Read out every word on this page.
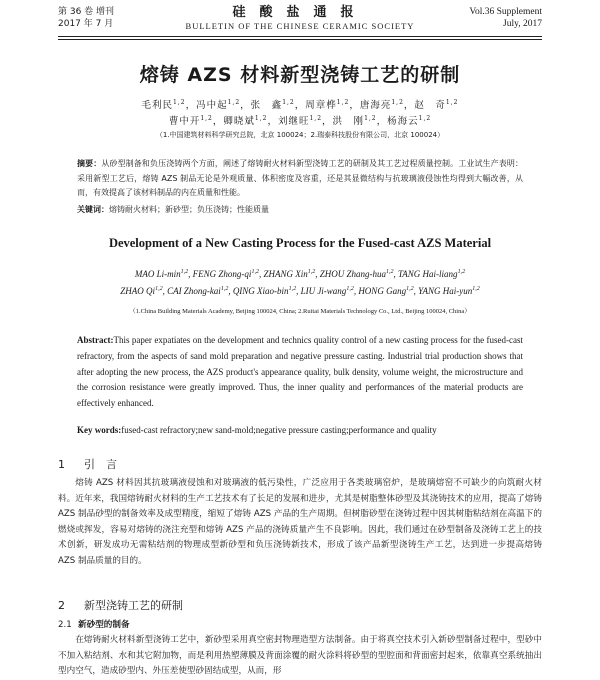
第 36 卷 增刊
2017 年 7 月
硅酸盐通报
BULLETIN OF THE CHINESE CERAMIC SOCIETY
Vol.36 Supplement
July, 2017
熔铸 AZS 材料新型浇铸工艺的研制
毛利民$^{1,2}$，冯中起$^{1,2}$，张　鑫$^{1,2}$，周章桦$^{1,2}$，唐海亮$^{1,2}$，赵　奇$^{1,2}$
曹中开$^{1,2}$，卿晓斌$^{1,2}$，刘继旺$^{1,2}$，洪　刚$^{1,2}$，杨海云$^{1,2}$
（1.中国建筑材料科学研究总院，北京 100024；2.瑞泰科技股份有限公司，北京 100024）
摘要：从砂型制备和负压浇铸两个方面，阐述了熔铸耐火材料新型浇铸工艺的研制及其工艺过程质量控制。工业试生产表明：采用新型工艺后，熔铸 AZS 制品无论是外观质量、体积密度及容重，还是其显微结构与抗玻璃液侵蚀性均得到大幅改善，从而，有效提高了该材料制品的内在质量和性能。
关键词：熔铸耐火材料；新砂型；负压浇铸；性能质量
Development of a New Casting Process for the Fused-cast AZS Material
MAO $Li-\min^{1,2}$, FENG Zhong-qi$^{1,2}$, ZHANG Xin$^{1,2}$, ZHOU Zhang-hua$^{1,2}$, TANG Hai-liang$^{1,2}$
ZHAO Qi$^{1,2}$, CAI Zhong-kai$^{1,2}$, QING Xiao-bin$^{1,2}$, LIU Ji-wang$^{1,2}$, HONG Gang$^{1,2}$, YANG Hai-yun$^{1,2}$
（1.China Building Materials Academy, Beijing 100024, China; 2.Ruitai Materials Technology Co., Ltd., Beijing 100024, China）
Abstract:This paper expatiates on the development and technics quality control of a new casting process for the fused-cast refractory, from the aspects of sand mold preparation and negative pressure casting. Industrial trial production shows that after adopting the new process, the AZS product's appearance quality, bulk density, volume weight, the microstructure and the corrosion resistance were greatly improved. Thus, the inner quality and performances of the material products are effectively enhanced.
Key words:fused-cast refractory;new sand-mold;negative pressure casting;performance and quality
1 引　言
熔铸 AZS 材料因其抗玻璃液侵蚀和对玻璃液的低污染性，广泛应用于各类玻璃窑炉，是玻璃熔窑不可缺少的向筑耐火材料。近年来，我国熔铸耐火材料的生产工艺技术有了长足的发展和进步，尤其是树脂整体砂型及其浇铸技术的应用，提高了熔铸 AZS 制品砂型的制备效率及成型精度，缩短了熔铸 AZS 产品的生产周期。但树脂砂型在浇铸过程中因其树脂粘结剂在高温下的燃烧或挥发，容易对熔铸的浇注充型和熔铸 AZS 产品的浇铸质量产生不良影响。因此，我们通过在砂型制备及浇铸工艺上的技术创新，研发成功无需粘结剂的物理成型新砂型和负压浇铸新技术，形成了该产品新型浇铸生产工艺，达到进一步提高熔铸 AZS 制品质量的目的。
2 新型浇铸工艺的研制
2.1 新砂型的制备
在熔铸耐火材料新型浇铸工艺中，新砂型采用真空密封物理造型方法制备。由于将真空技术引入新砂型制备过程中，型砂中不加入粘结剂、水和其它附加物，而是利用热塑薄膜及背面涂覆的耐火涂料将砂型的型腔面和背面密封起来，依靠真空系统抽出型内空气，造成砂型内、外压差使型砂固结成型，从而，形
